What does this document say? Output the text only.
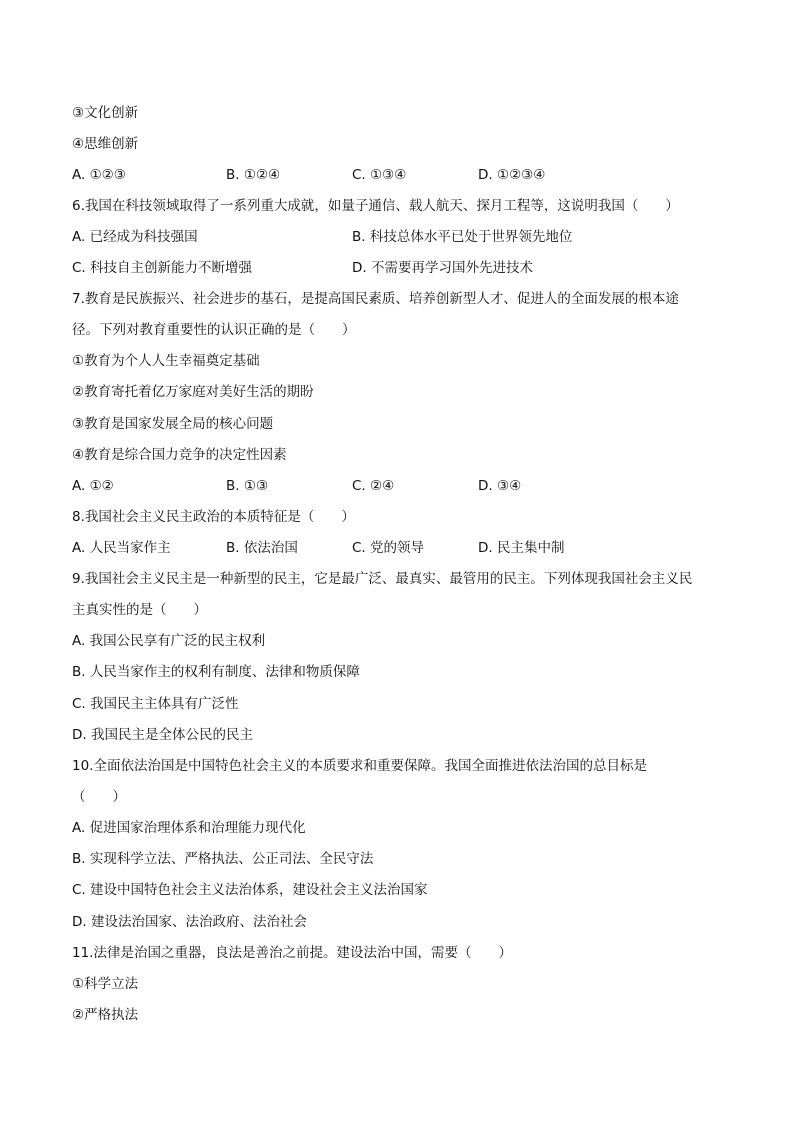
③文化创新
④思维创新
A. ①②③	B. ①②④	C. ①③④	D. ①②③④
6.我国在科技领域取得了一系列重大成就，如量子通信、载人航天、探月工程等，这说明我国（　　）
A. 已经成为科技强国	B. 科技总体水平已处于世界领先地位
C. 科技自主创新能力不断增强	D. 不需要再学习国外先进技术
7.教育是民族振兴、社会进步的基石，是提高国民素质、培养创新型人才、促进人的全面发展的根本途
径。下列对教育重要性的认识正确的是（　　）
①教育为个人人生幸福奠定基础
②教育寄托着亿万家庭对美好生活的期盼
③教育是国家发展全局的核心问题
④教育是综合国力竞争的决定性因素
A. ①②	B. ①③	C. ②④	D. ③④
8.我国社会主义民主政治的本质特征是（　　）
A. 人民当家作主	B. 依法治国	C. 党的领导	D. 民主集中制
9.我国社会主义民主是一种新型的民主，它是最广泛、最真实、最管用的民主。下列体现我国社会主义民
主真实性的是（　　）
A. 我国公民享有广泛的民主权利
B. 人民当家作主的权利有制度、法律和物质保障
C. 我国民主主体具有广泛性
D. 我国民主是全体公民的民主
10.全面依法治国是中国特色社会主义的本质要求和重要保障。我国全面推进依法治国的总目标是
（　　）
A. 促进国家治理体系和治理能力现代化
B. 实现科学立法、严格执法、公正司法、全民守法
C. 建设中国特色社会主义法治体系，建设社会主义法治国家
D. 建设法治国家、法治政府、法治社会
11.法律是治国之重器，良法是善治之前提。建设法治中国，需要（　　）
①科学立法
②严格执法
